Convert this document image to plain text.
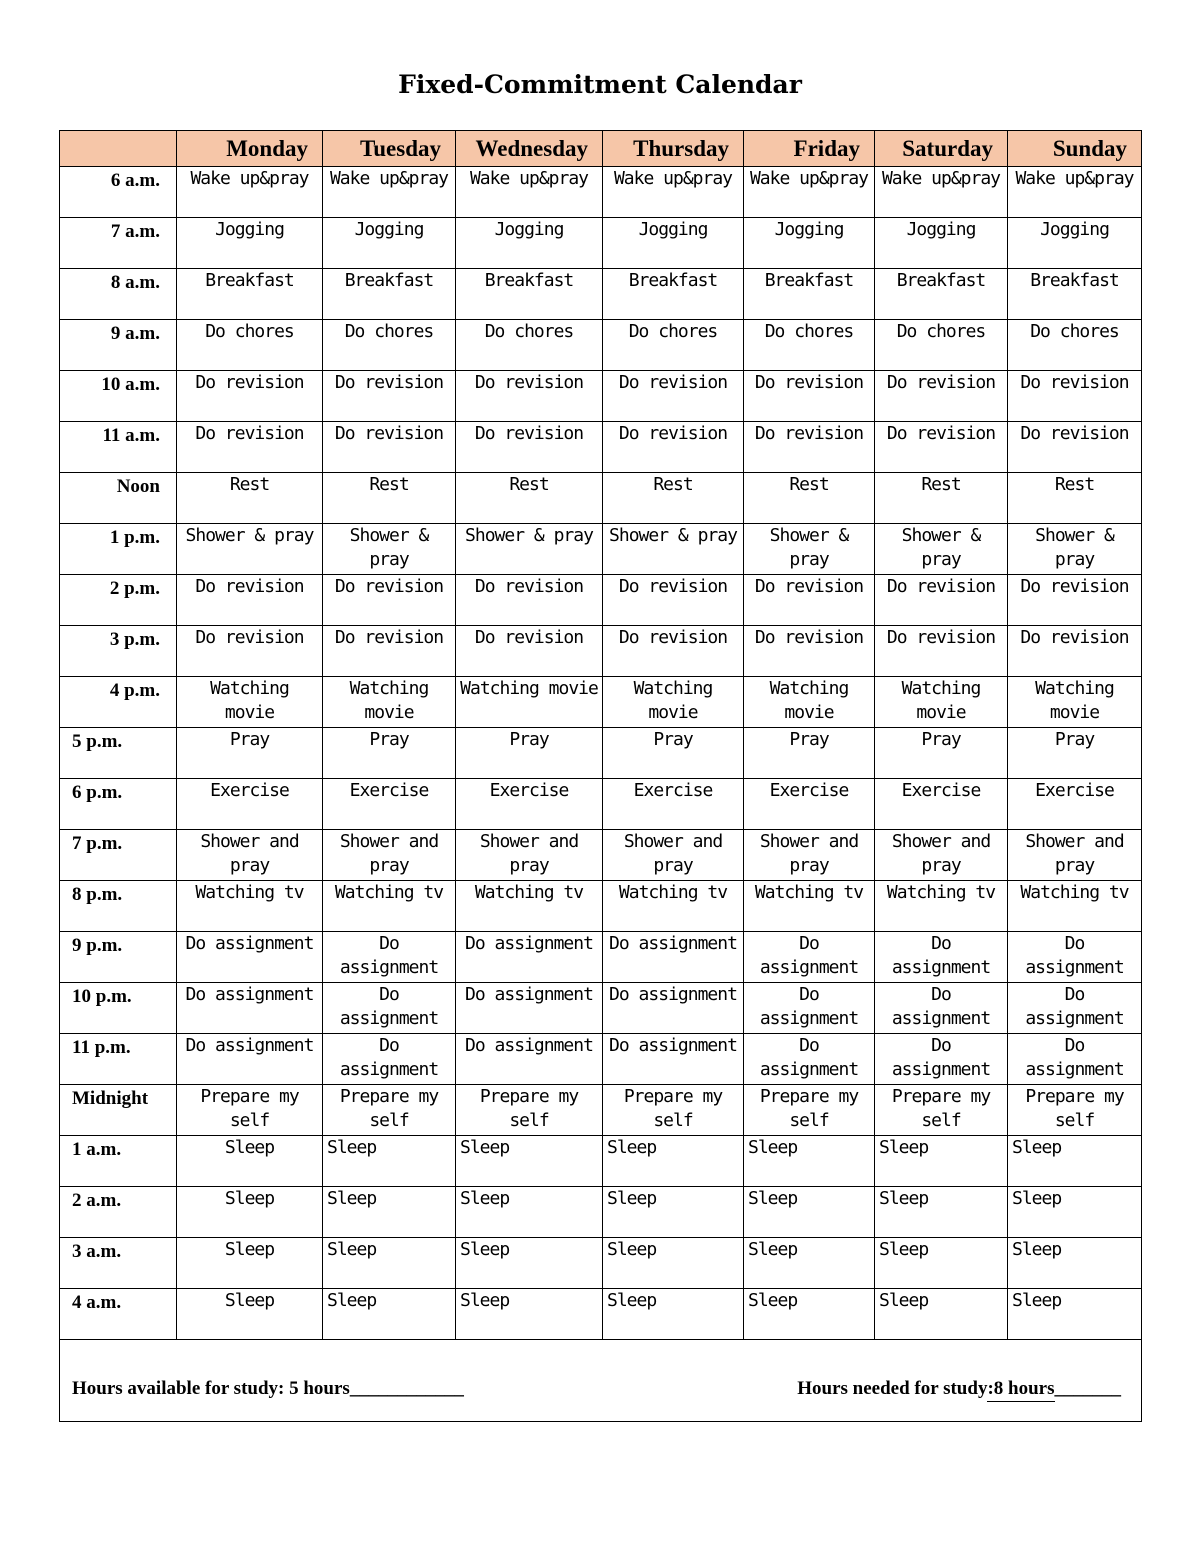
Fixed-Commitment Calendar
	Monday	Tuesday	Wednesday	Thursday	Friday	Saturday	Sunday
6 a.m.	Wake up&pray	Wake up&pray	Wake up&pray	Wake up&pray	Wake up&pray	Wake up&pray	Wake up&pray
7 a.m.	Jogging	Jogging	Jogging	Jogging	Jogging	Jogging	Jogging
8 a.m.	Breakfast	Breakfast	Breakfast	Breakfast	Breakfast	Breakfast	Breakfast
9 a.m.	Do chores	Do chores	Do chores	Do chores	Do chores	Do chores	Do chores
10 a.m.	Do revision	Do revision	Do revision	Do revision	Do revision	Do revision	Do revision
11 a.m.	Do revision	Do revision	Do revision	Do revision	Do revision	Do revision	Do revision
Noon	Rest	Rest	Rest	Rest	Rest	Rest	Rest
1 p.m.	Shower & pray	Shower & pray	Shower & pray	Shower & pray	Shower & pray	Shower & pray	Shower & pray
2 p.m.	Do revision	Do revision	Do revision	Do revision	Do revision	Do revision	Do revision
3 p.m.	Do revision	Do revision	Do revision	Do revision	Do revision	Do revision	Do revision
4 p.m.	Watching movie	Watching movie	Watching movie	Watching movie	Watching movie	Watching movie	Watching movie
5 p.m.	Pray	Pray	Pray	Pray	Pray	Pray	Pray
6 p.m.	Exercise	Exercise	Exercise	Exercise	Exercise	Exercise	Exercise
7 p.m.	Shower and pray	Shower and pray	Shower and pray	Shower and pray	Shower and pray	Shower and pray	Shower and pray
8 p.m.	Watching tv	Watching tv	Watching tv	Watching tv	Watching tv	Watching tv	Watching tv
9 p.m.	Do assignment	Do assignment	Do assignment	Do assignment	Do assignment	Do assignment	Do assignment
10 p.m.	Do assignment	Do assignment	Do assignment	Do assignment	Do assignment	Do assignment	Do assignment
11 p.m.	Do assignment	Do assignment	Do assignment	Do assignment	Do assignment	Do assignment	Do assignment
Midnight	Prepare my self	Prepare my self	Prepare my self	Prepare my self	Prepare my self	Prepare my self	Prepare my self
1 a.m.	Sleep	Sleep	Sleep	Sleep	Sleep	Sleep	Sleep
2 a.m.	Sleep	Sleep	Sleep	Sleep	Sleep	Sleep	Sleep
3 a.m.	Sleep	Sleep	Sleep	Sleep	Sleep	Sleep	Sleep
4 a.m.	Sleep	Sleep	Sleep	Sleep	Sleep	Sleep	Sleep

Hours available for study: 5 hours____________ Hours needed for study:8 hours_______							
